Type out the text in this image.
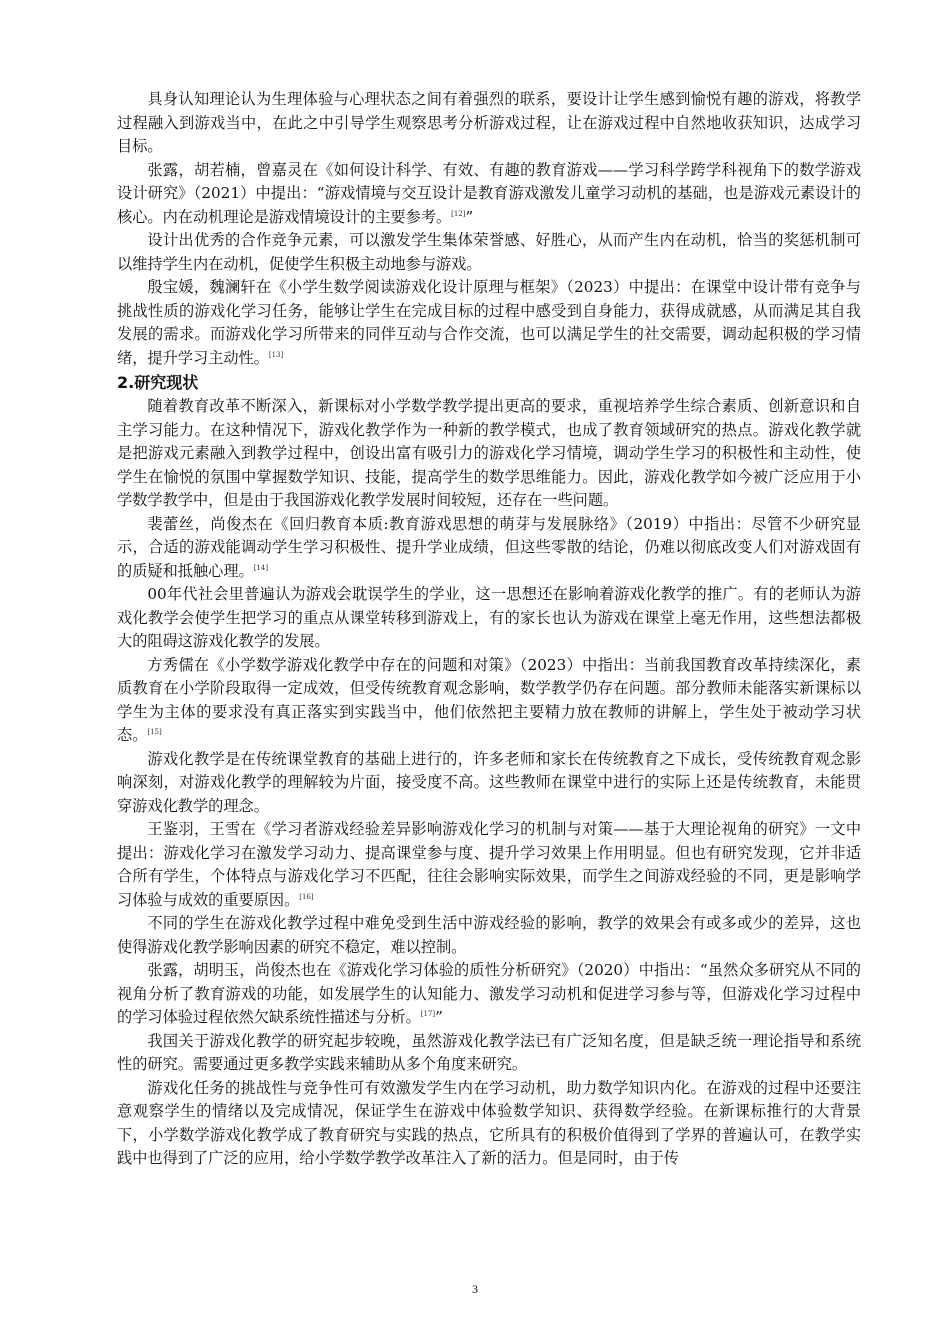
具身认知理论认为生理体验与心理状态之间有着强烈的联系，要设计让学生感到愉悦有趣的游戏，将教学过程融入到游戏当中，在此之中引导学生观察思考分析游戏过程，让在游戏过程中自然地收获知识，达成学习目标。

张露，胡若楠，曾嘉灵在《如何设计科学、有效、有趣的教育游戏——学习科学跨学科视角下的数学游戏设计研究》（2021）中提出：“游戏情境与交互设计是教育游戏激发儿童学习动机的基础，也是游戏元素设计的核心。内在动机理论是游戏情境设计的主要参考。[12]”

设计出优秀的合作竞争元素，可以激发学生集体荣誉感、好胜心，从而产生内在动机，恰当的奖惩机制可以维持学生内在动机，促使学生积极主动地参与游戏。

殷宝媛，魏澜轩在《小学生数学阅读游戏化设计原理与框架》（2023）中提出：在课堂中设计带有竞争与挑战性质的游戏化学习任务，能够让学生在完成目标的过程中感受到自身能力，获得成就感，从而满足其自我发展的需求。而游戏化学习所带来的同伴互动与合作交流，也可以满足学生的社交需要，调动起积极的学习情绪，提升学习主动性。[13]

2.研究现状

随着教育改革不断深入，新课标对小学数学教学提出更高的要求，重视培养学生综合素质、创新意识和自主学习能力。在这种情况下，游戏化教学作为一种新的教学模式，也成了教育领域研究的热点。游戏化教学就是把游戏元素融入到教学过程中，创设出富有吸引力的游戏化学习情境，调动学生学习的积极性和主动性，使学生在愉悦的氛围中掌握数学知识、技能，提高学生的数学思维能力。因此，游戏化教学如今被广泛应用于小学数学教学中，但是由于我国游戏化教学发展时间较短，还存在一些问题。

裴蕾丝，尚俊杰在《回归教育本质:教育游戏思想的萌芽与发展脉络》（2019）中指出：尽管不少研究显示，合适的游戏能调动学生学习积极性、提升学业成绩，但这些零散的结论，仍难以彻底改变人们对游戏固有的质疑和抵触心理。[14]

00年代社会里普遍认为游戏会耽误学生的学业，这一思想还在影响着游戏化教学的推广。有的老师认为游戏化教学会使学生把学习的重点从课堂转移到游戏上，有的家长也认为游戏在课堂上毫无作用，这些想法都极大的阻碍这游戏化教学的发展。

方秀儒在《小学数学游戏化教学中存在的问题和对策》（2023）中指出：当前我国教育改革持续深化，素质教育在小学阶段取得一定成效，但受传统教育观念影响，数学教学仍存在问题。部分教师未能落实新课标以学生为主体的要求没有真正落实到实践当中，他们依然把主要精力放在教师的讲解上，学生处于被动学习状态。[15]

游戏化教学是在传统课堂教育的基础上进行的，许多老师和家长在传统教育之下成长，受传统教育观念影响深刻，对游戏化教学的理解较为片面，接受度不高。这些教师在课堂中进行的实际上还是传统教育，未能贯穿游戏化教学的理念。

王鉴羽，王雪在《学习者游戏经验差异影响游戏化学习的机制与对策——基于大理论视角的研究》一文中提出：游戏化学习在激发学习动力、提高课堂参与度、提升学习效果上作用明显。但也有研究发现，它并非适合所有学生，个体特点与游戏化学习不匹配，往往会影响实际效果，而学生之间游戏经验的不同，更是影响学习体验与成效的重要原因。[16]

不同的学生在游戏化教学过程中难免受到生活中游戏经验的影响，教学的效果会有或多或少的差异，这也使得游戏化教学影响因素的研究不稳定，难以控制。

张露，胡明玉，尚俊杰也在《游戏化学习体验的质性分析研究》（2020）中指出：“虽然众多研究从不同的视角分析了教育游戏的功能，如发展学生的认知能力、激发学习动机和促进学习参与等，但游戏化学习过程中的学习体验过程依然欠缺系统性描述与分析。[17]”

我国关于游戏化教学的研究起步较晚，虽然游戏化教学法已有广泛知名度，但是缺乏统一理论指导和系统性的研究。需要通过更多教学实践来辅助从多个角度来研究。

游戏化任务的挑战性与竞争性可有效激发学生内在学习动机，助力数学知识内化。在游戏的过程中还要注意观察学生的情绪以及完成情况，保证学生在游戏中体验数学知识、获得数学经验。在新课标推行的大背景下，小学数学游戏化教学成了教育研究与实践的热点，它所具有的积极价值得到了学界的普遍认可，在教学实践中也得到了广泛的应用，给小学数学教学改革注入了新的活力。但是同时，由于传

3
